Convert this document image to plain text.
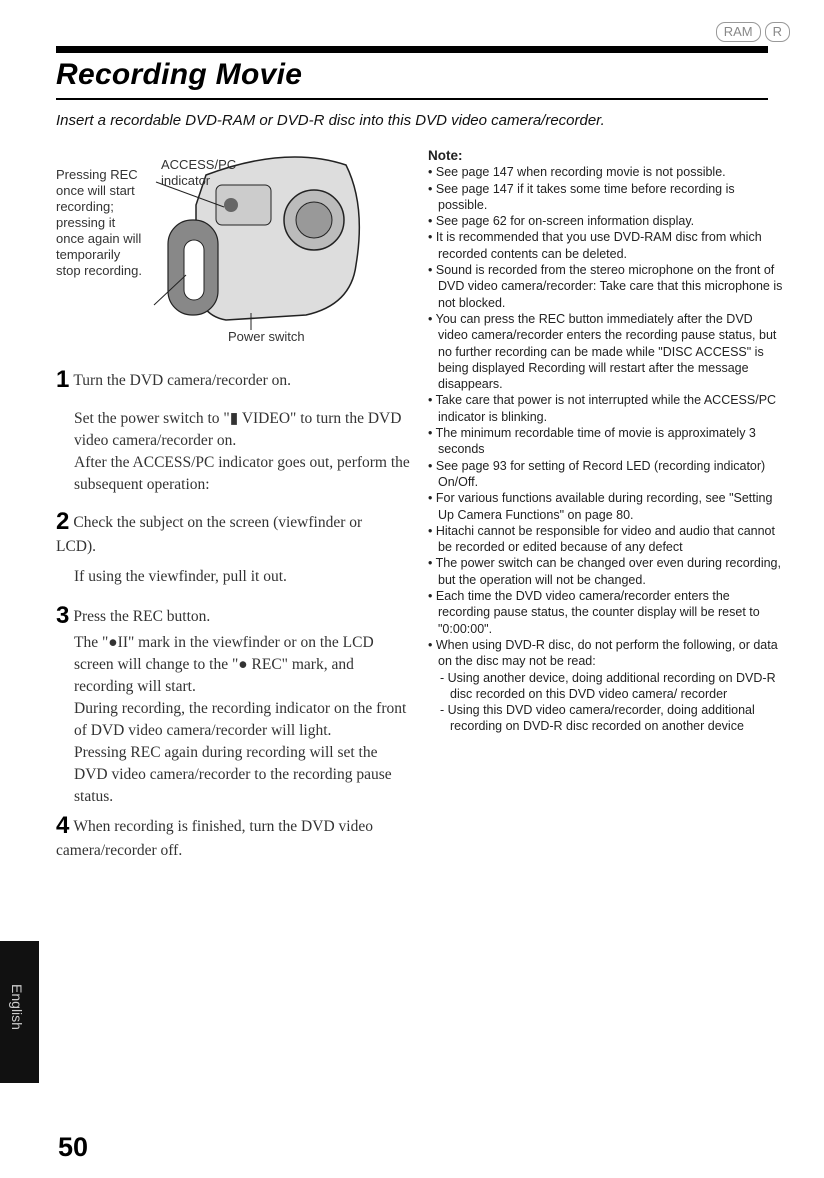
RAM	R
Recording Movie
Insert a recordable DVD-RAM or DVD-R disc into this DVD video camera/recorder.
Pressing REC
once will start
recording;
pressing it
once again will
temporarily
stop recording.
ACCESS/PC
indicator
Power switch
1 Turn the DVD camera/recorder on.
Set the power switch to "▮ VIDEO" to turn the DVD video camera/recorder on.
After the ACCESS/PC indicator goes out, perform the subsequent operation:
2 Check the subject on the screen (viewfinder or LCD).
If using the viewfinder, pull it out.
3 Press the REC button.
The "●II" mark in the viewfinder or on the LCD screen will change to the "● REC" mark, and recording will start.
During recording, the recording indicator on the front of DVD video camera/recorder will light.
Pressing REC again during recording will set the DVD video camera/recorder to the recording pause status.
4 When recording is finished, turn the DVD video camera/recorder off.
Note:
• See page 147 when recording movie is not possible.
• See page 147 if it takes some time before recording is possible.
• See page 62 for on-screen information display.
• It is recommended that you use DVD-RAM disc from which recorded contents can be deleted.
• Sound is recorded from the stereo microphone on the front of DVD video camera/recorder: Take care that this microphone is not blocked.
• You can press the REC button immediately after the DVD video camera/recorder enters the recording pause status, but no further recording can be made while "DISC ACCESS" is being displayed Recording will restart after the message disappears.
• Take care that power is not interrupted while the ACCESS/PC indicator is blinking.
• The minimum recordable time of movie is approximately 3 seconds
• See page 93 for setting of Record LED (recording indicator) On/Off.
• For various functions available during recording, see "Setting Up Camera Functions" on page 80.
• Hitachi cannot be responsible for video and audio that cannot be recorded or edited because of any defect
• The power switch can be changed over even during recording, but the operation will not be changed.
• Each time the DVD video camera/recorder enters the recording pause status, the counter display will be reset to "0:00:00".
• When using DVD-R disc, do not perform the following, or data on the disc may not be read:
- Using another device, doing additional recording on DVD-R disc recorded on this DVD video camera/ recorder
- Using this DVD video camera/recorder, doing additional recording on DVD-R disc recorded on another device
English
50
